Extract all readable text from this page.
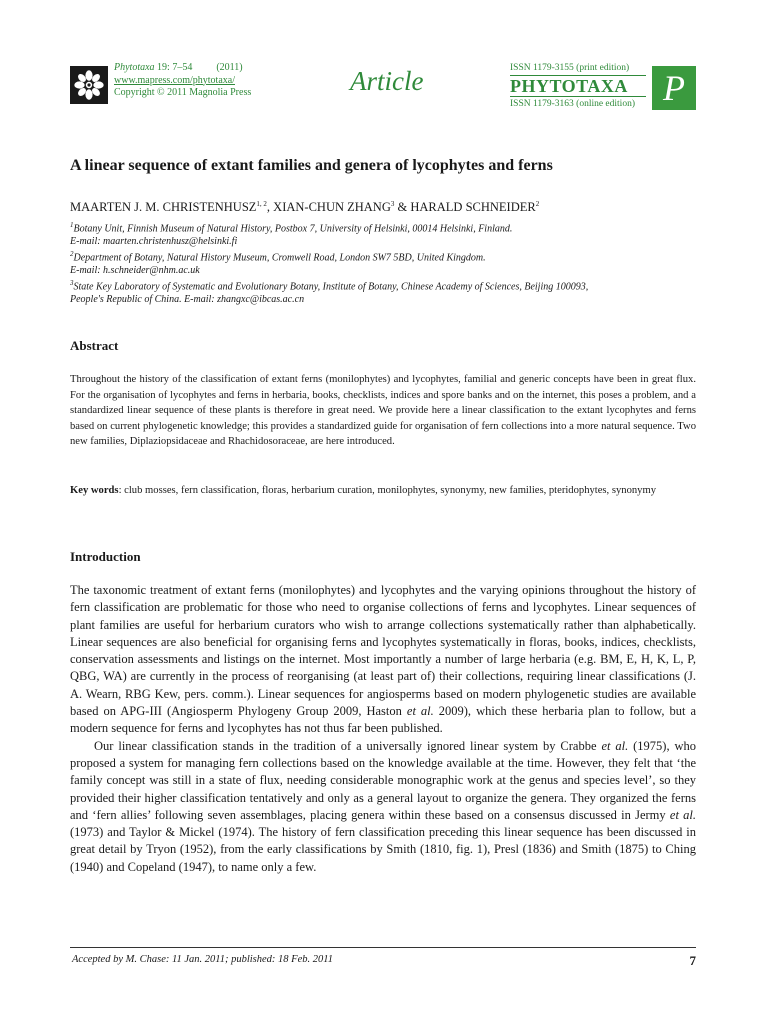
Phytotaxa 19: 7–54 (2011)
www.mapress.com/phytotaxa/
Copyright © 2011 Magnolia Press	Article	ISSN 1179-3155 (print edition)
PHYTOTAXA
ISSN 1179-3163 (online edition) P
A linear sequence of extant families and genera of lycophytes and ferns
MAARTEN J. M. CHRISTENHUSZ$^{1, 2}$, XIAN-CHUN ZHANG$^3$ & HARALD SCHNEIDER$^2$
$^1$Botany Unit, Finnish Museum of Natural History, Postbox 7, University of Helsinki, 00014 Helsinki, Finland.
E-mail: maarten.christenhusz@helsinki.fi
$^2$Department of Botany, Natural History Museum, Cromwell Road, London SW7 5BD, United Kingdom.
E-mail: h.schneider@nhm.ac.uk
$^3$State Key Laboratory of Systematic and Evolutionary Botany, Institute of Botany, Chinese Academy of Sciences, Beijing 100093,
People's Republic of China. E-mail: zhangxc@ibcas.ac.cn
Abstract

Throughout the history of the classification of extant ferns (monilophytes) and lycophytes, familial and generic concepts have been in great flux. For the organisation of lycophytes and ferns in herbaria, books, checklists, indices and spore banks and on the internet, this poses a problem, and a standardized linear sequence of these plants is therefore in great need. We provide here a linear classification to the extant lycophytes and ferns based on current phylogenetic knowledge; this provides a standardized guide for organisation of fern collections into a more natural sequence. Two new families, Diplaziopsidaceae and Rhachidosoraceae, are here introduced.

Key words: club mosses, fern classification, floras, herbarium curation, monilophytes, synonymy, new families, pteridophytes, synonymy

Introduction

The taxonomic treatment of extant ferns (monilophytes) and lycophytes and the varying opinions throughout the history of fern classification are problematic for those who need to organise collections of ferns and lycophytes. Linear sequences of plant families are useful for herbarium curators who wish to arrange collections systematically rather than alphabetically. Linear sequences are also beneficial for organising ferns and lycophytes systematically in floras, books, indices, checklists, conservation assessments and listings on the internet. Most importantly a number of large herbaria (e.g. BM, E, H, K, L, P, QBG, WA) are currently in the process of reorganising (at least part of) their collections, requiring linear classifications (J. A. Wearn, RBG Kew, pers. comm.). Linear sequences for angiosperms based on modern phylogenetic studies are available based on APG-III (Angiosperm Phylogeny Group 2009, Haston et al. 2009), which these herbaria plan to follow, but a modern sequence for ferns and lycophytes has not thus far been published.

Our linear classification stands in the tradition of a universally ignored linear system by Crabbe et al. (1975), who proposed a system for managing fern collections based on the knowledge available at the time. However, they felt that ‘the family concept was still in a state of flux, needing considerable monographic work at the genus and species level’, so they provided their higher classification tentatively and only as a general layout to organize the genera. They organized the ferns and ‘fern allies’ following seven assemblages, placing genera within these based on a consensus discussed in Jermy et al. (1973) and Taylor & Mickel (1974). The history of fern classification preceding this linear sequence has been discussed in great detail by Tryon (1952), from the early classifications by Smith (1810, fig. 1), Presl (1836) and Smith (1875) to Ching (1940) and Copeland (1947), to name only a few.

Accepted by M. Chase: 11 Jan. 2011; published: 18 Feb. 2011	7
